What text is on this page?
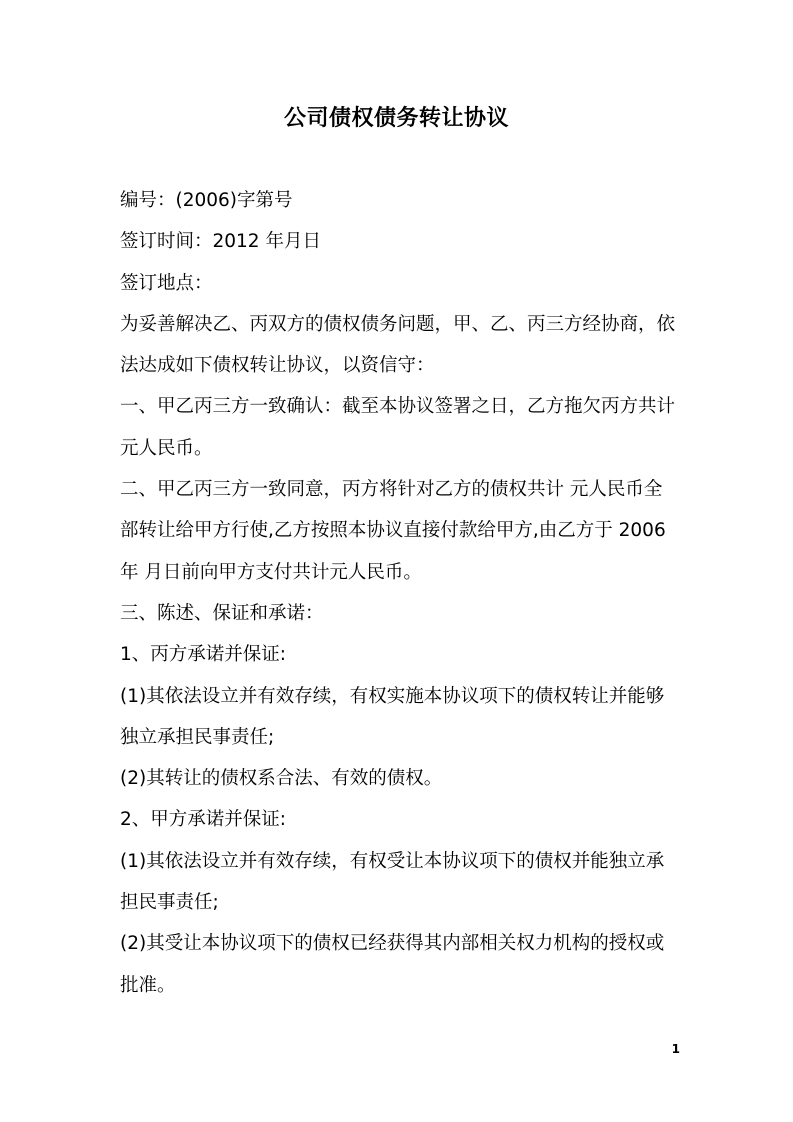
公司债权债务转让协议

编号：(2006)字第号

签订时间：2012 年月日

签订地点：

为妥善解决乙、丙双方的债权债务问题，甲、乙、丙三方经协商，依

法达成如下债权转让协议，以资信守：

一、甲乙丙三方一致确认：截至本协议签署之日，乙方拖欠丙方共计

元人民币。

二、甲乙丙三方一致同意，丙方将针对乙方的债权共计 元人民币全

部转让给甲方行使,乙方按照本协议直接付款给甲方,由乙方于 2006

年 月日前向甲方支付共计元人民币。

三、陈述、保证和承诺：

1、丙方承诺并保证:

(1)其依法设立并有效存续，有权实施本协议项下的债权转让并能够

独立承担民事责任;

(2)其转让的债权系合法、有效的债权。

2、甲方承诺并保证:

(1)其依法设立并有效存续，有权受让本协议项下的债权并能独立承

担民事责任;

(2)其受让本协议项下的债权已经获得其内部相关权力机构的授权或

批准。

1
